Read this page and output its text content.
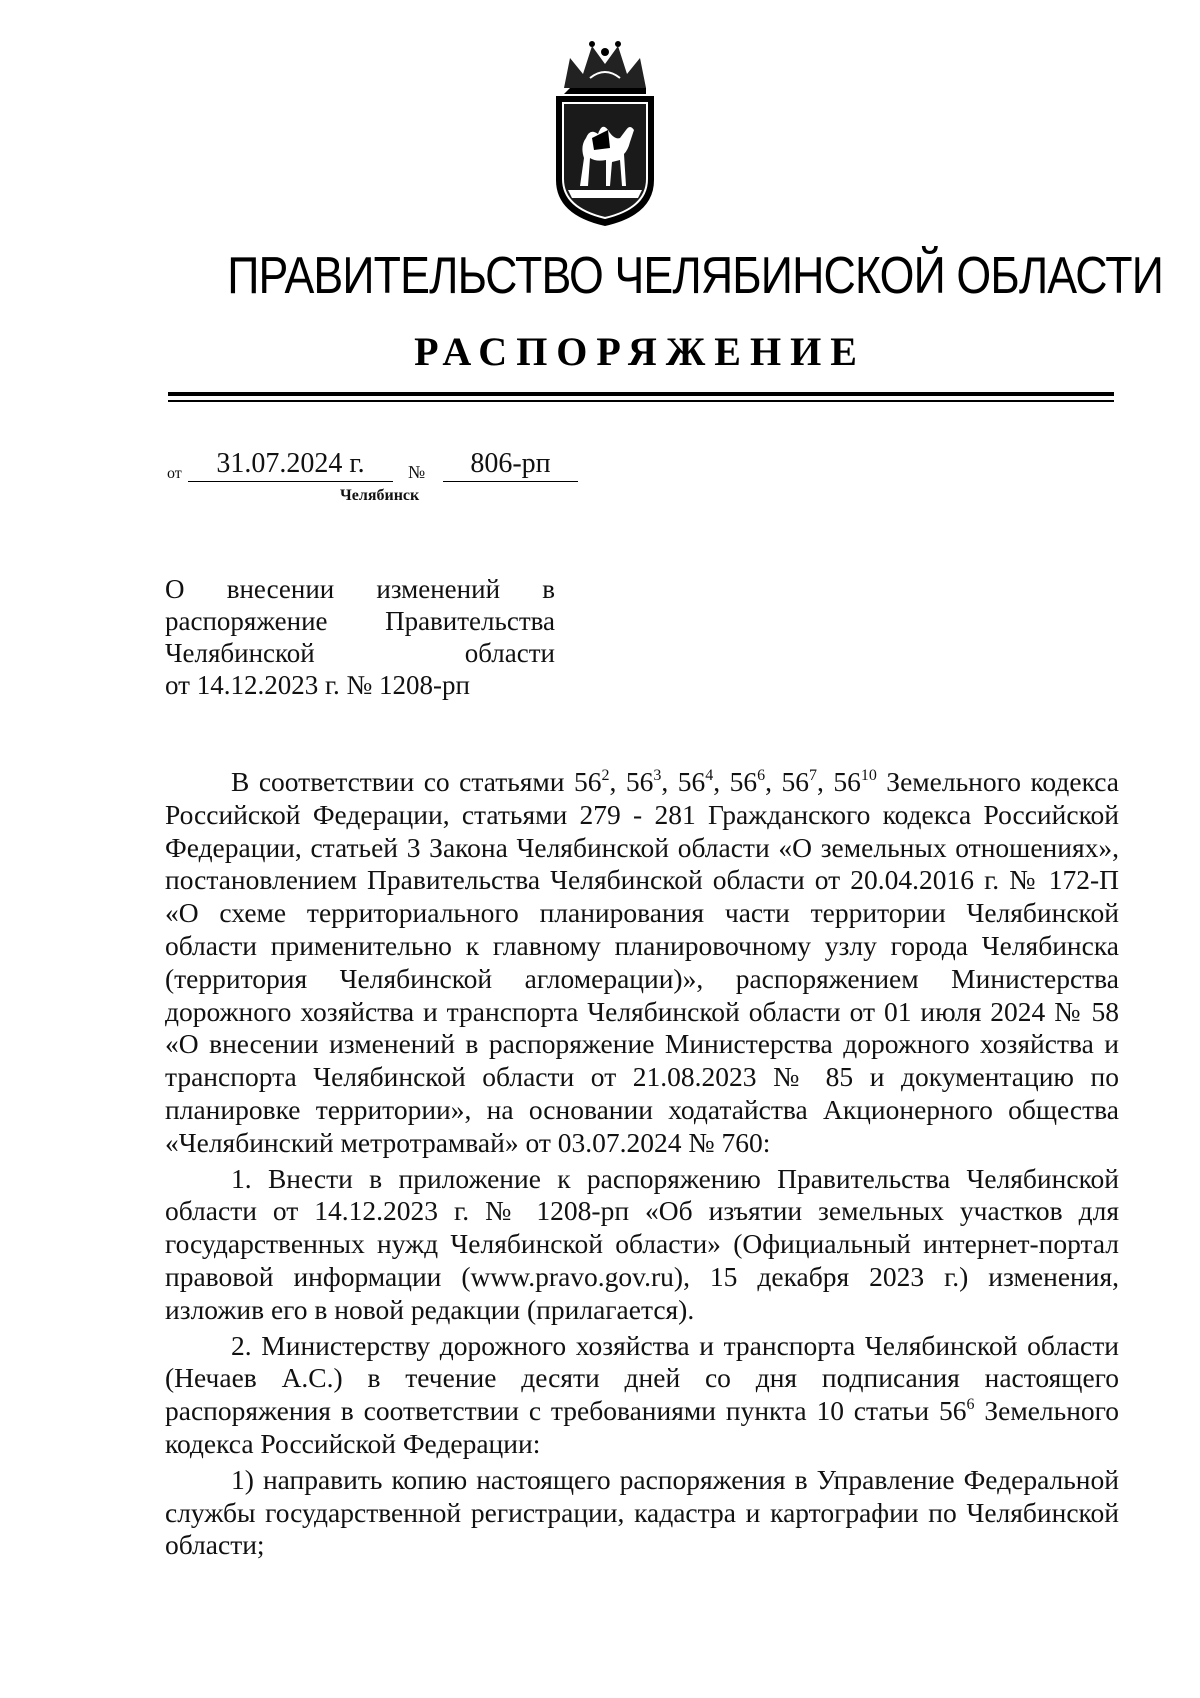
ПРАВИТЕЛЬСТВО ЧЕЛЯБИНСКОЙ ОБЛАСТИ
РАСПОРЯЖЕНИЕ
от	31.07.2024 г.	№	806-рп
Челябинск
О внесении изменений в
распоряжение Правительства
Челябинской области
от 14.12.2023 г. № 1208-рп

В соответствии со статьями $56^2$, $56^3$, $56^4$, $56^6$, $56^7$, $56^{10}$ Земельного кодекса Российской Федерации, статьями 279 - 281 Гражданского кодекса Российской Федерации, статьей 3 Закона Челябинской области «О земельных отношениях», постановлением Правительства Челябинской области от 20.04.2016 г. № 172-П «О схеме территориального планирования части территории Челябинской области применительно к главному планировочному узлу города Челябинска (территория Челябинской агломерации)», распоряжением Министерства дорожного хозяйства и транспорта Челябинской области от 01 июля 2024 № 58 «О внесении изменений в распоряжение Министерства дорожного хозяйства и транспорта Челябинской области от 21.08.2023 № 85 и документацию по планировке территории», на основании ходатайства Акционерного общества «Челябинский метротрамвай» от 03.07.2024 № 760:

1. Внести в приложение к распоряжению Правительства Челябинской области от 14.12.2023 г. № 1208-рп «Об изъятии земельных участков для государственных нужд Челябинской области» (Официальный интернет-портал правовой информации (www.pravo.gov.ru), 15 декабря 2023 г.) изменения, изложив его в новой редакции (прилагается).

2. Министерству дорожного хозяйства и транспорта Челябинской области (Нечаев А.С.) в течение десяти дней со дня подписания настоящего распоряжения в соответствии с требованиями пункта 10 статьи $56^6$ Земельного кодекса Российской Федерации:

1) направить копию настоящего распоряжения в Управление Федеральной службы государственной регистрации, кадастра и картографии по Челябинской области;
